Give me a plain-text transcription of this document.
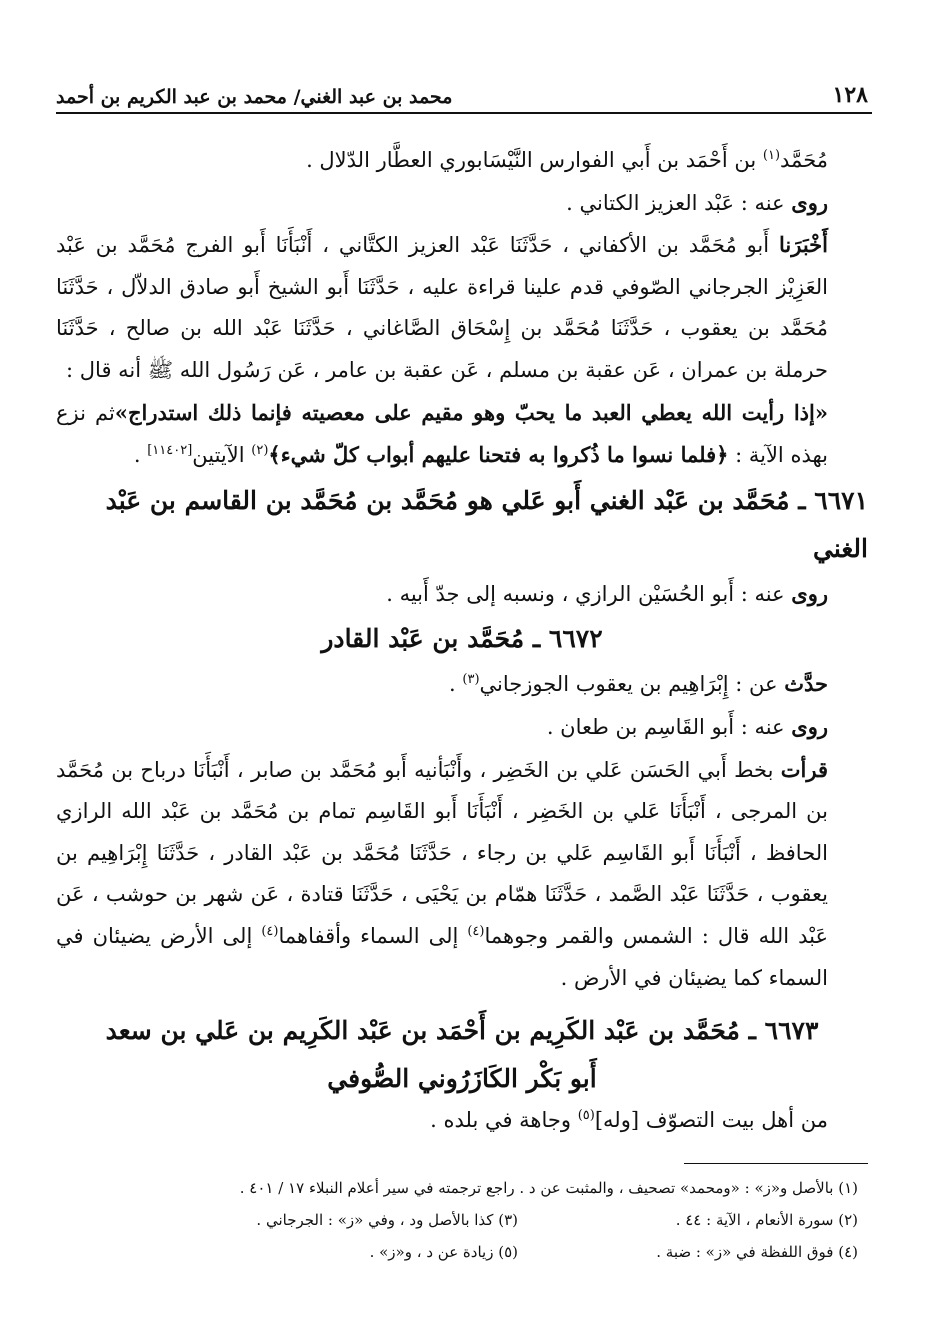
١٢٨
محمد بن عبد الغني/ محمد بن عبد الكريم بن أحمد

مُحَمَّد$^{(١)}$ بن أَحْمَد بن أَبي الفوارس النَّيْسَابوري العطَّار الدّلال .

روى عنه : عَبْد العزيز الكتاني .

أَخْبَرَنا أَبو مُحَمَّد بن الأكفاني ، حَدَّثَنَا عَبْد العزيز الكتَّاني ، أَنْبَأَنَا أَبو الفرج مُحَمَّد بن عَبْد العَزِيْز الجرجاني الصّوفي قدم علينا قراءة عليه ، حَدَّثَنَا أَبو الشيخ أَبو صادق الدلاّل ، حَدَّثَنَا مُحَمَّد بن يعقوب ، حَدَّثَنَا مُحَمَّد بن إِسْحَاق الصَّاغاني ، حَدَّثَنَا عَبْد الله بن صالح ، حَدَّثَنَا حرملة بن عمران ، عَن عقبة بن مسلم ، عَن عقبة بن عامر ، عَن رَسُول الله ﷺ أنه قال :

«إذا رأيت الله يعطي العبد ما يحبّ وهو مقيم على معصيته فإنما ذلك استدراج»ثم نزع بهذه الآية : ﴿فلما نسوا ما ذُكروا به فتحنا عليهم أبواب كلّ شيء﴾$^{(٢)}$ الآيتين[١١٤٠٢] .

٦٦٧١ ـ مُحَمَّد بن عَبْد الغني أَبو عَلي هو مُحَمَّد بن مُحَمَّد بن القاسم بن عَبْد الغني

روى عنه : أَبو الحُسَيْن الرازي ، ونسبه إلى جدّ أَبيه .

٦٦٧٢ ـ مُحَمَّد بن عَبْد القادر

حدَّث عن : إِبْرَاهِيم بن يعقوب الجوزجاني$^{(٣)}$ .

روى عنه : أَبو القَاسِم بن طعان .

قرأت بخط أَبي الحَسَن عَلي بن الخَضِر ، وأَنْبَأنيه أَبو مُحَمَّد بن صابر ، أَنْبَأَنَا درباح بن مُحَمَّد بن المرجى ، أَنْبَأَنَا عَلي بن الخَضِر ، أَنْبَأَنَا أَبو القَاسِم تمام بن مُحَمَّد بن عَبْد الله الرازي الحافظ ، أَنْبَأَنَا أَبو القَاسِم عَلي بن رجاء ، حَدَّثَنَا مُحَمَّد بن عَبْد القادر ، حَدَّثَنَا إِبْرَاهِيم بن يعقوب ، حَدَّثَنَا عَبْد الصَّمد ، حَدَّثَنَا همّام بن يَحْيَى ، حَدَّثَنَا قتادة ، عَن شهر بن حوشب ، عَن عَبْد الله قال : الشمس والقمر وجوهما$^{(٤)}$ إلى السماء وأقفاهما$^{(٤)}$ إلى الأرض يضيئان في السماء كما يضيئان في الأرض .

٦٦٧٣ ـ مُحَمَّد بن عَبْد الكَرِيم بن أَحْمَد بن عَبْد الكَرِيم بن عَلي بن سعد

أَبو بَكْر الكَازَرُوني الصُّوفي

من أهل بيت التصوّف [وله]$^{(٥)}$ وجاهة في بلده .

(١) بالأصل و«ز» : «ومحمد» تصحيف ، والمثبت عن د . راجع ترجمته في سير أعلام النبلاء ١٧ / ٤٠١ .
(٢) سورة الأنعام ، الآية : ٤٤ .
(٣) كذا بالأصل ود ، وفي «ز» : الجرجاني .
(٤) فوق اللفظة في «ز» : ضبة .
(٥) زيادة عن د ، و«ز» .
